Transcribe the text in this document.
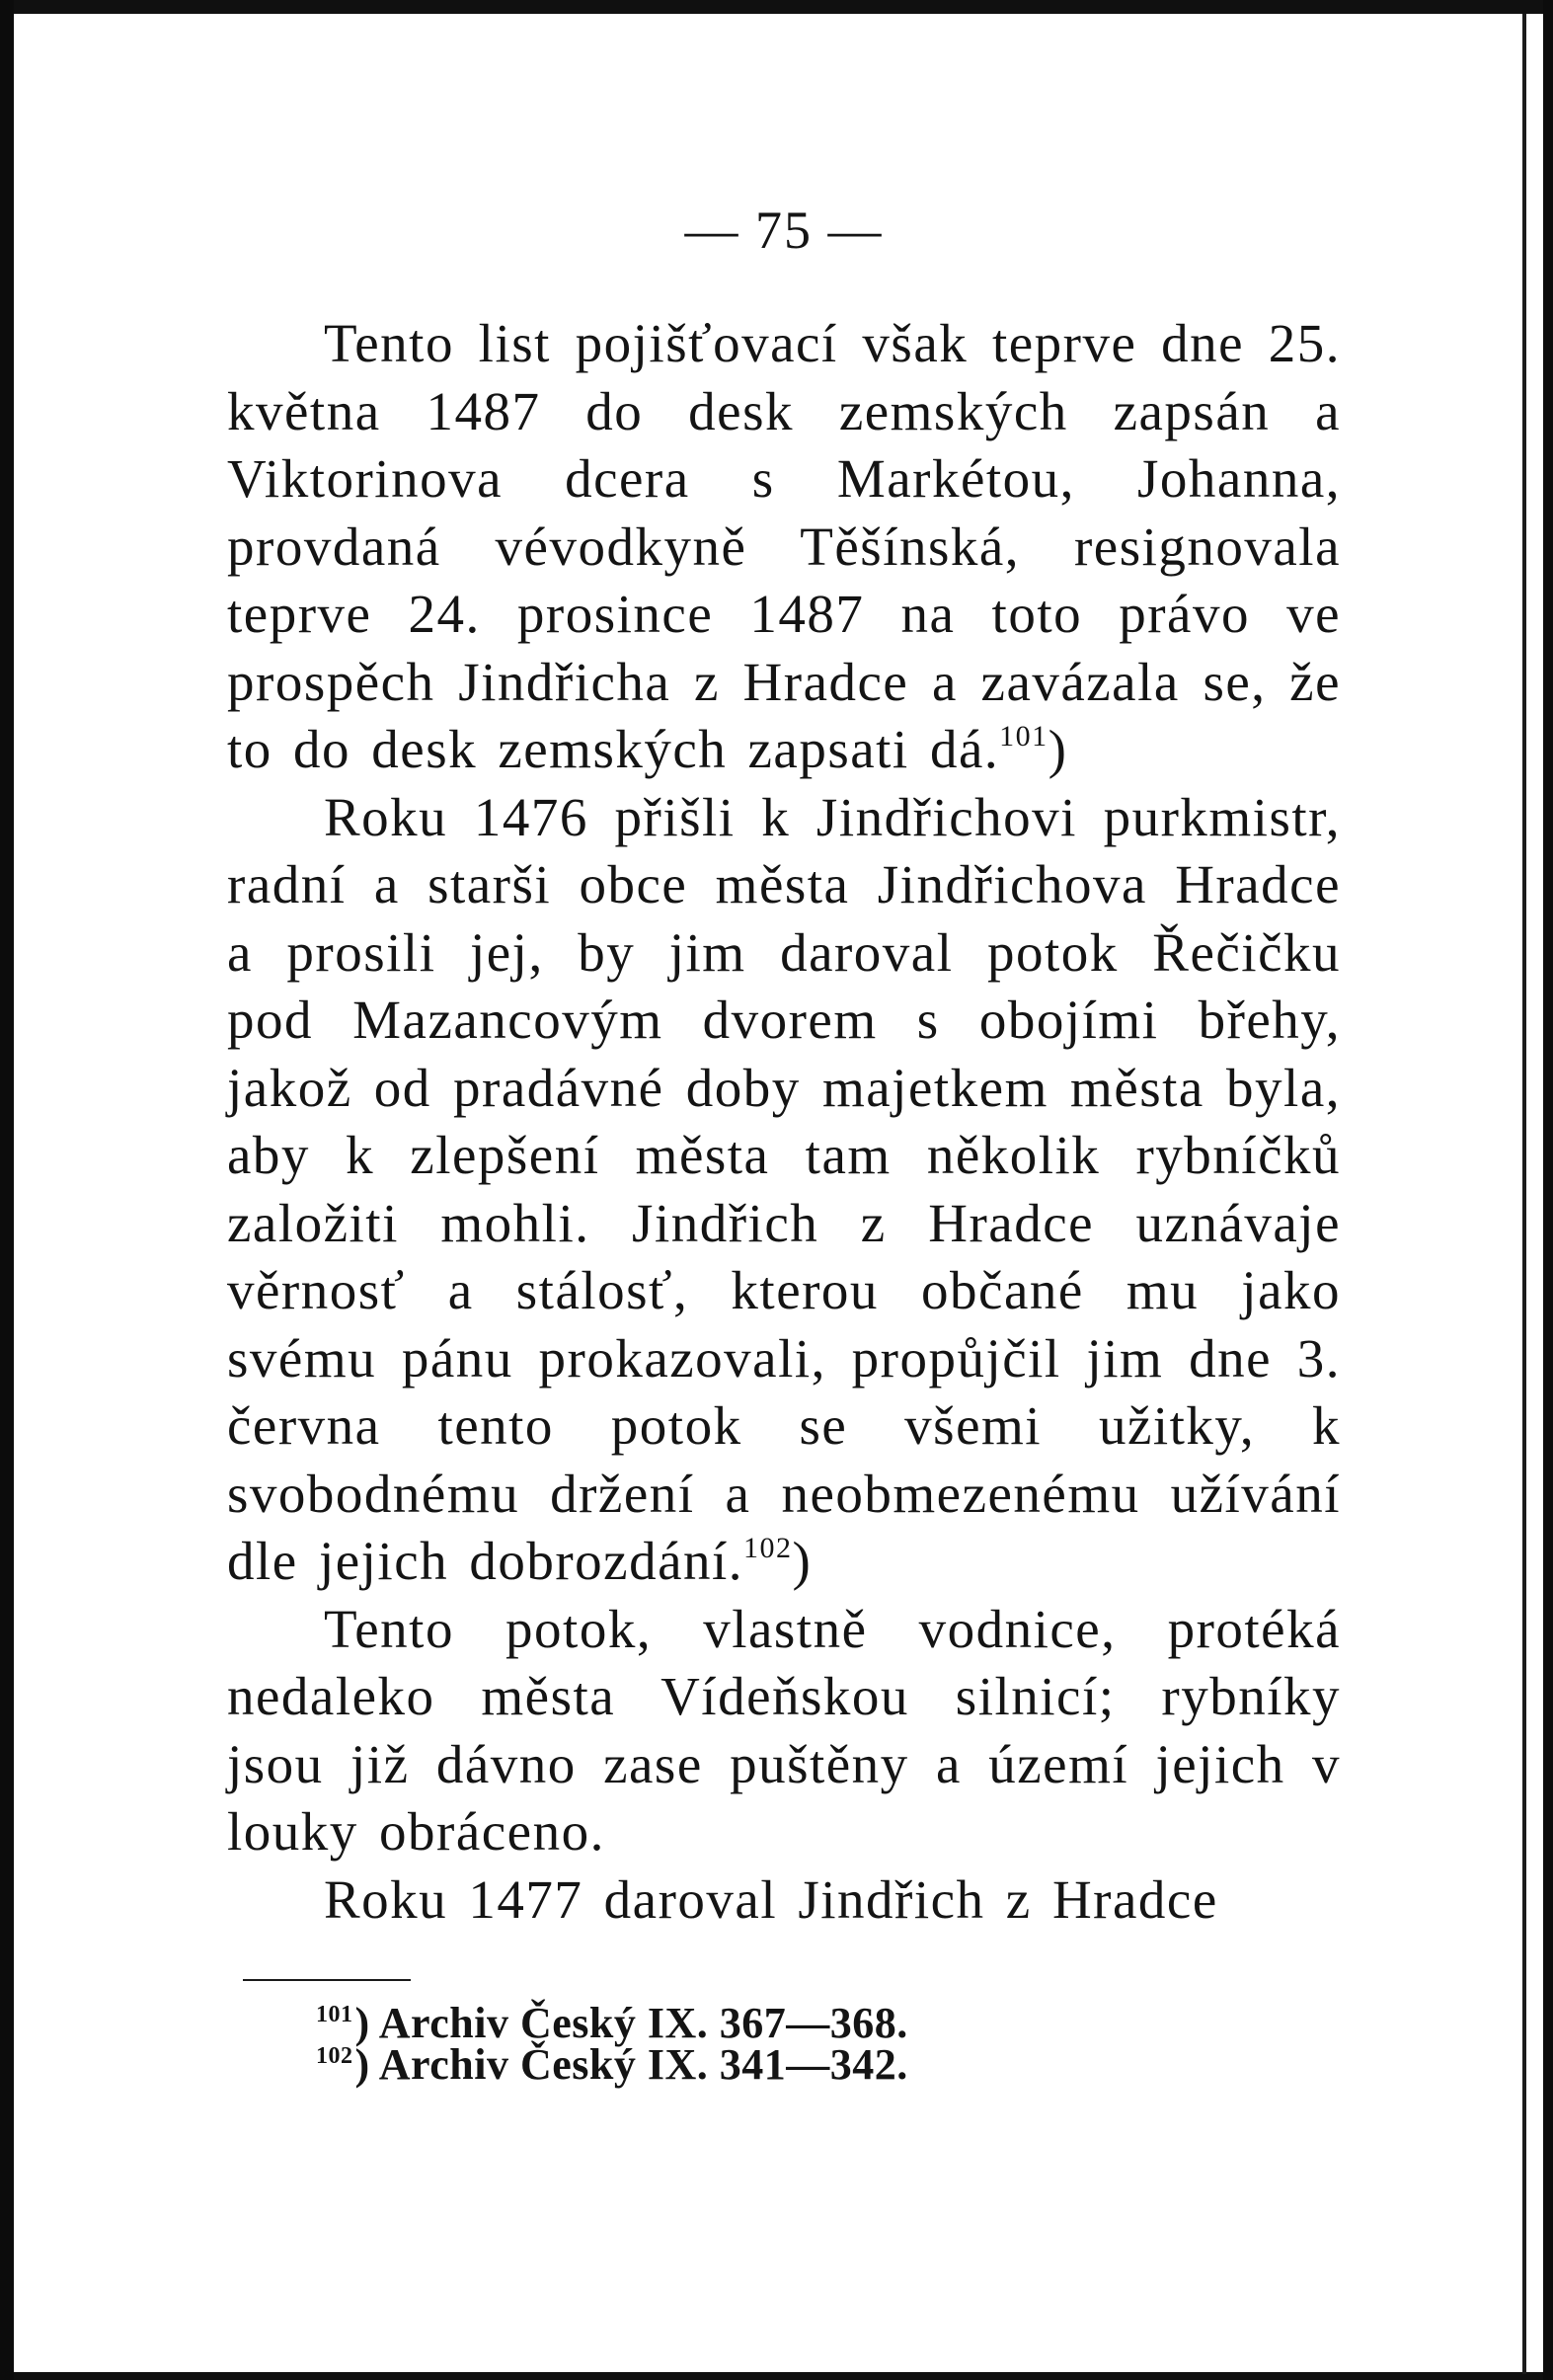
— 75 —

Tento list pojišťovací však teprve dne 25. května 1487 do desk zemských zapsán a Viktorinova dcera s Markétou, Johanna, provdaná vévodkyně Těšínská, resignovala teprve 24. prosince 1487 na toto právo ve prospěch Jindřicha z Hradce a zavázala se, že to do desk zemských zapsati dá.$^{101}$)

Roku 1476 přišli k Jindřichovi purkmistr, radní a starši obce města Jindřichova Hradce a prosili jej, by jim daroval potok Řečičku pod Mazancovým dvorem s obojími břehy, jakož od pradávné doby majetkem města byla, aby k zlepšení města tam několik rybníčků založiti mohli. Jindřich z Hradce uznávaje věrnosť a stálosť, kterou občané mu jako svému pánu prokazovali, propůjčil jim dne 3. června tento potok se všemi užitky, k svobodnému držení a neobmezenému užívání dle jejich dobrozdání.$^{102}$)

Tento potok, vlastně vodnice, protéká nedaleko města Vídeňskou silnicí; rybníky jsou již dávno zase puštěny a území jejich v louky obráceno.

Roku 1477 daroval Jindřich z Hradce

$^{101}$) Archiv Český IX. 367—368.
$^{102}$) Archiv Český IX. 341—342.
